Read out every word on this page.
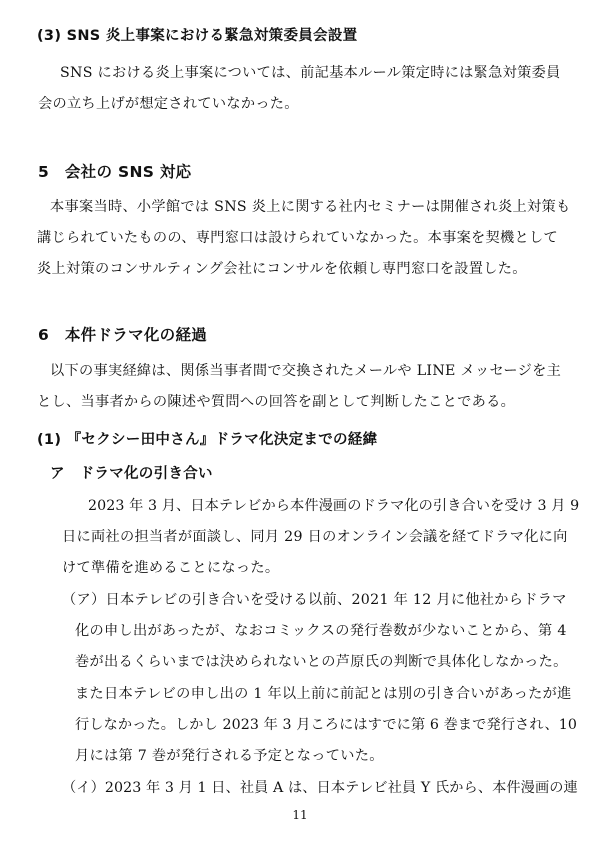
(3) SNS 炎上事案における緊急対策委員会設置
SNS における炎上事案については、前記基本ルール策定時には緊急対策委員
会の立ち上げが想定されていなかった。
5　会社の SNS 対応
本事案当時、小学館では SNS 炎上に関する社内セミナーは開催され炎上対策も
講じられていたものの、専門窓口は設けられていなかった。本事案を契機として
炎上対策のコンサルティング会社にコンサルを依頼し専門窓口を設置した。
6　本件ドラマ化の経過
以下の事実経緯は、関係当事者間で交換されたメールや LINE メッセージを主
とし、当事者からの陳述や質問への回答を副として判断したことである。
(1) 『セクシー田中さん』ドラマ化決定までの経緯
ア　ドラマ化の引き合い
2023 年 3 月、日本テレビから本件漫画のドラマ化の引き合いを受け 3 月 9
日に両社の担当者が面談し、同月 29 日のオンライン会議を経てドラマ化に向
けて準備を進めることになった。
（ア）日本テレビの引き合いを受ける以前、2021 年 12 月に他社からドラマ
化の申し出があったが、なおコミックスの発行巻数が少ないことから、第 4
巻が出るくらいまでは決められないとの芦原氏の判断で具体化しなかった。
また日本テレビの申し出の 1 年以上前に前記とは別の引き合いがあったが進
行しなかった。しかし 2023 年 3 月ころにはすでに第 6 巻まで発行され、10
月には第 7 巻が発行される予定となっていた。
（イ）2023 年 3 月 1 日、社員 A は、日本テレビ社員 Y 氏から、本件漫画の連
11
